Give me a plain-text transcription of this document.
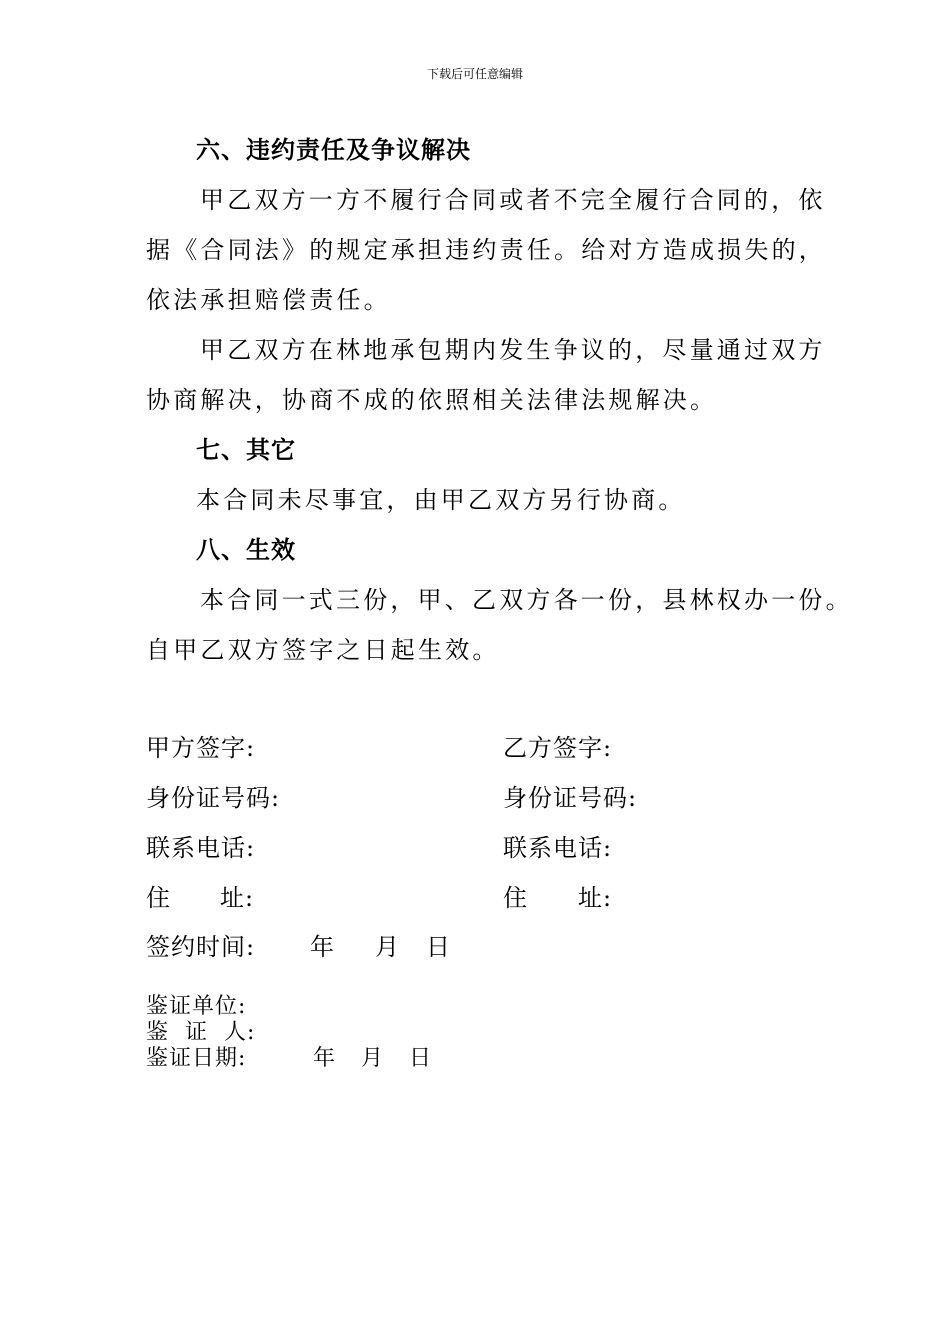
下载后可任意编辑
六、违约责任及争议解决
甲乙双方一方不履行合同或者不完全履行合同的，依
据《合同法》的规定承担违约责任。给对方造成损失的，
依法承担赔偿责任。
甲乙双方在林地承包期内发生争议的，尽量通过双方
协商解决，协商不成的依照相关法律法规解决。
七、其它
本合同未尽事宜，由甲乙双方另行协商。
八、生效
本合同一式三份，甲、乙双方各一份，县林权办一份。
自甲乙双方签字之日起生效。
甲方签字:
身份证号码:
联系电话:
住 址:
乙方签字:
身份证号码:
联系电话:
住 址:
签约时间: 年 月 日
鉴证单位:
鉴  证  人:
鉴证日期:	年 月 日
